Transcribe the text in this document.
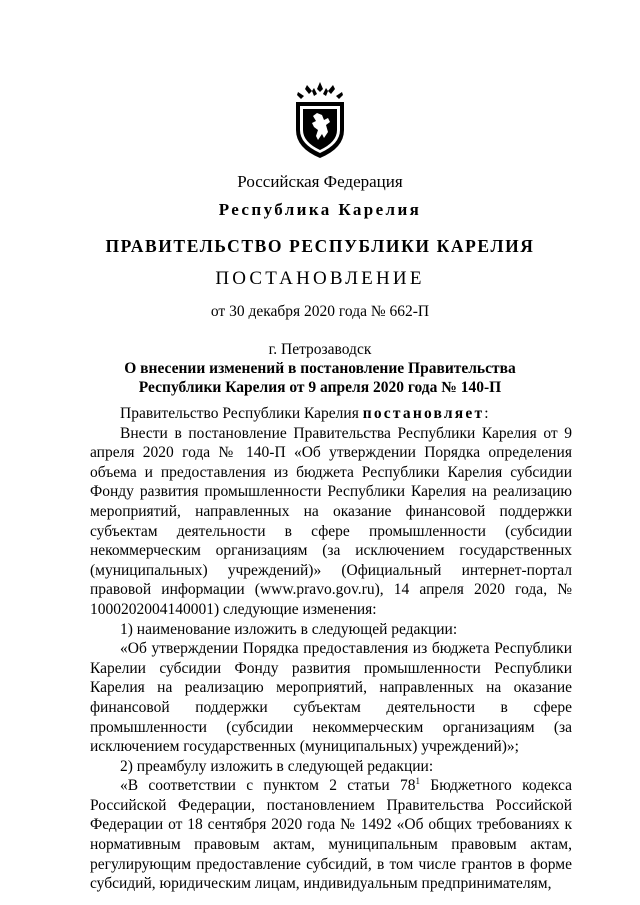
Российская Федерация
Республика Карелия
ПРАВИТЕЛЬСТВО РЕСПУБЛИКИ КАРЕЛИЯ
ПОСТАНОВЛЕНИЕ
от 30 декабря 2020 года № 662-П
г. Петрозаводск
О внесении изменений в постановление Правительства
Республики Карелия от 9 апреля 2020 года № 140-П

Правительство Республики Карелия постановляет:

Внести в постановление Правительства Республики Карелия от 9 апреля 2020 года № 140-П «Об утверждении Порядка определения объема и предоставления из бюджета Республики Карелия субсидии Фонду развития промышленности Республики Карелия на реализацию мероприятий, направленных на оказание финансовой поддержки субъектам деятельности в сфере промышленности (субсидии некоммерческим организациям (за исключением государственных (муниципальных) учреждений)» (Официальный интернет-портал правовой информации (www.pravo.gov.ru), 14 апреля 2020 года, № 1000202004140001) следующие изменения:

1) наименование изложить в следующей редакции:

«Об утверждении Порядка предоставления из бюджета Республики Карелии субсидии Фонду развития промышленности Республики Карелия на реализацию мероприятий, направленных на оказание финансовой поддержки субъектам деятельности в сфере промышленности (субсидии некоммерческим организациям (за исключением государственных (муниципальных) учреждений)»;

2) преамбулу изложить в следующей редакции:

«В соответствии с пунктом 2 статьи $78^1$ Бюджетного кодекса Российской Федерации, постановлением Правительства Российской Федерации от 18 сентября 2020 года № 1492 «Об общих требованиях к нормативным правовым актам, муниципальным правовым актам, регулирующим предоставление субсидий, в том числе грантов в форме субсидий, юридическим лицам, индивидуальным предпринимателям,
